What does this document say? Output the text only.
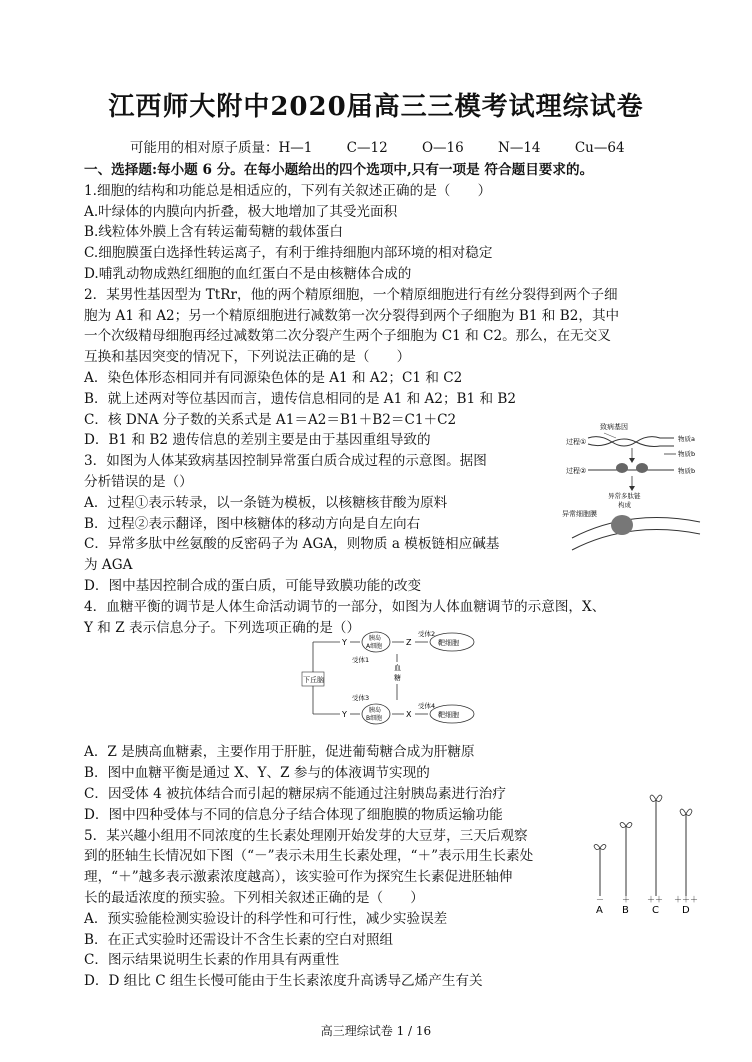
江西师大附中2020届高三三模考试理综试卷
可能用的相对原子质量：H—1	C—12	O—16	N—14	Cu—64
一、选择题:每小题 6 分。在每小题给出的四个选项中,只有一项是 符合题目要求的。
1.细胞的结构和功能总是相适应的，下列有关叙述正确的是（　　）
A.叶绿体的内膜向内折叠，极大地增加了其受光面积
B.线粒体外膜上含有转运葡萄糖的载体蛋白
C.细胞膜蛋白选择性转运离子，有利于维持细胞内部环境的相对稳定
D.哺乳动物成熟红细胞的血红蛋白不是由核糖体合成的
2．某男性基因型为 TtRr，他的两个精原细胞，一个精原细胞进行有丝分裂得到两个子细
胞为 A1 和 A2；另一个精原细胞进行减数第一次分裂得到两个子细胞为 B1 和 B2，其中
一个次级精母细胞再经过减数第二次分裂产生两个子细胞为 C1 和 C2。那么，在无交叉
互换和基因突变的情况下，下列说法正确的是（　　）
A．染色体形态相同并有同源染色体的是 A1 和 A2；C1 和 C2
B．就上述两对等位基因而言，遗传信息相同的是 A1 和 A2；B1 和 B2
C．核 DNA 分子数的关系式是 A1＝A2＝B1＋B2＝C1＋C2
D．B1 和 B2 遗传信息的差别主要是由于基因重组导致的
3．如图为人体某致病基因控制异常蛋白质合成过程的示意图。据图
分析错误的是（）
A．过程①表示转录，以一条链为模板，以核糖核苷酸为原料
B．过程②表示翻译，图中核糖体的移动方向是自左向右
C．异常多肽中丝氨酸的反密码子为 AGA，则物质 a 模板链相应碱基
为 AGA
D．图中基因控制合成的蛋白质，可能导致膜功能的改变
4．血糖平衡的调节是人体生命活动调节的一部分，如图为人体血糖调节的示意图，X、
Y 和 Z 表示信息分子。下列选项正确的是（）
A．Z 是胰高血糖素，主要作用于肝脏，促进葡萄糖合成为肝糖原
B．图中血糖平衡是通过 X、Y、Z 参与的体液调节实现的
C．因受体 4 被抗体结合而引起的糖尿病不能通过注射胰岛素进行治疗
D．图中四种受体与不同的信息分子结合体现了细胞膜的物质运输功能
5．某兴趣小组用不同浓度的生长素处理刚开始发芽的大豆芽，三天后观察
到的胚轴生长情况如下图（“－”表示未用生长素处理，“＋”表示用生长素处
理，“＋”越多表示激素浓度越高），该实验可作为探究生长素促进胚轴伸
长的最适浓度的预实验。下列相关叙述正确的是（　　）
A．预实验能检测实验设计的科学性和可行性，减少实验误差
B．在正式实验时还需设计不含生长素的空白对照组
C．图示结果说明生长素的作用具有两重性
D．D 组比 C 组生长慢可能由于生长素浓度升高诱导乙烯产生有关
致病基因
过程①	物质a
物质b
过程②	物质b
异常多肽链
构成
异常细胞膜
下丘脑
Y
Y
胰岛
A细胞
胰岛
B细胞
受体1
受体3
Z
受体2
靶细胞
X
受体4
靶细胞
血
糖
－ ＋ ＋＋ ＋＋＋
A B C D
高三理综试卷 1 / 16
